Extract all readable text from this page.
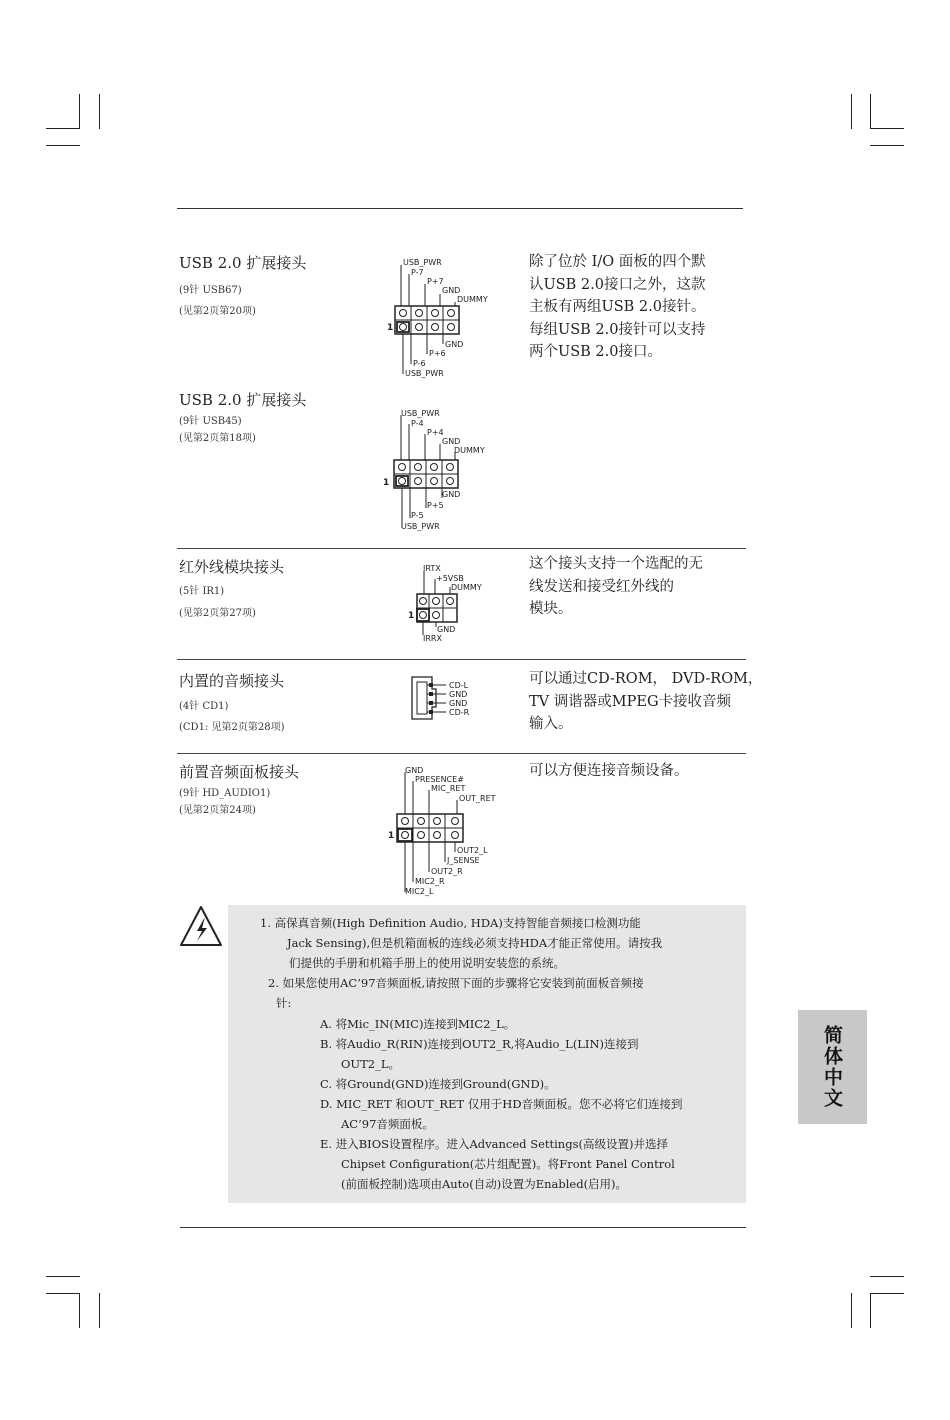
USB 2.0 扩展接头
(9针 USB67)
(见第2页第20项)
除了位於 I/O 面板的四个默
认USB 2.0接口之外，这款
主板有两组USB 2.0接针。
每组USB 2.0接针可以支持
两个USB 2.0接口。
USB_PWR
P-7
P+7
GND
DUMMY
GND
P+6
P-6
USB_PWR
1
USB 2.0 扩展接头
(9针 USB45)
(见第2页第18项)
USB_PWR
P-4
P+4
GND
DUMMY
GND
P+5
P-5
USB_PWR
1
红外线模块接头
(5针 IR1)
(见第2页第27项)
这个接头支持一个选配的无
线发送和接受红外线的
模块。
IRTX
+5VSB
DUMMY
GND
IRRX
1
内置的音频接头
(4针 CD1)
(CD1: 见第2页第28项)
可以通过CD-ROM， DVD-ROM，
TV 调谐器或MPEG卡接收音频
输入。
CD-L
GND
GND
CD-R
前置音频面板接头
(9针 HD_AUDIO1)
(见第2页第24项)
可以方便连接音频设备。
GND
PRESENCE#
MIC_RET
OUT_RET
OUT2_L
J_SENSE
OUT2_R
MIC2_R
MIC2_L
1
1. 高保真音频(High Definition Audio, HDA)支持智能音频接口检测功能
Jack Sensing),但是机箱面板的连线必须支持HDA才能正常使用。请按我
们提供的手册和机箱手册上的使用说明安装您的系统。
2. 如果您使用AC’97音频面板,请按照下面的步骤将它安装到前面板音频接
针:
A. 将Mic_IN(MIC)连接到MIC2_L。
B. 将Audio_R(RIN)连接到OUT2_R,将Audio_L(LIN)连接到
OUT2_L。
C. 将Ground(GND)连接到Ground(GND)。
D. MIC_RET 和OUT_RET 仅用于HD音频面板。您不必将它们连接到
AC’97音频面板。
E. 进入BIOS设置程序。进入Advanced Settings(高级设置)并选择
Chipset Configuration(芯片组配置)。将Front Panel Control
(前面板控制)选项由Auto(自动)设置为Enabled(启用)。
简体中文
